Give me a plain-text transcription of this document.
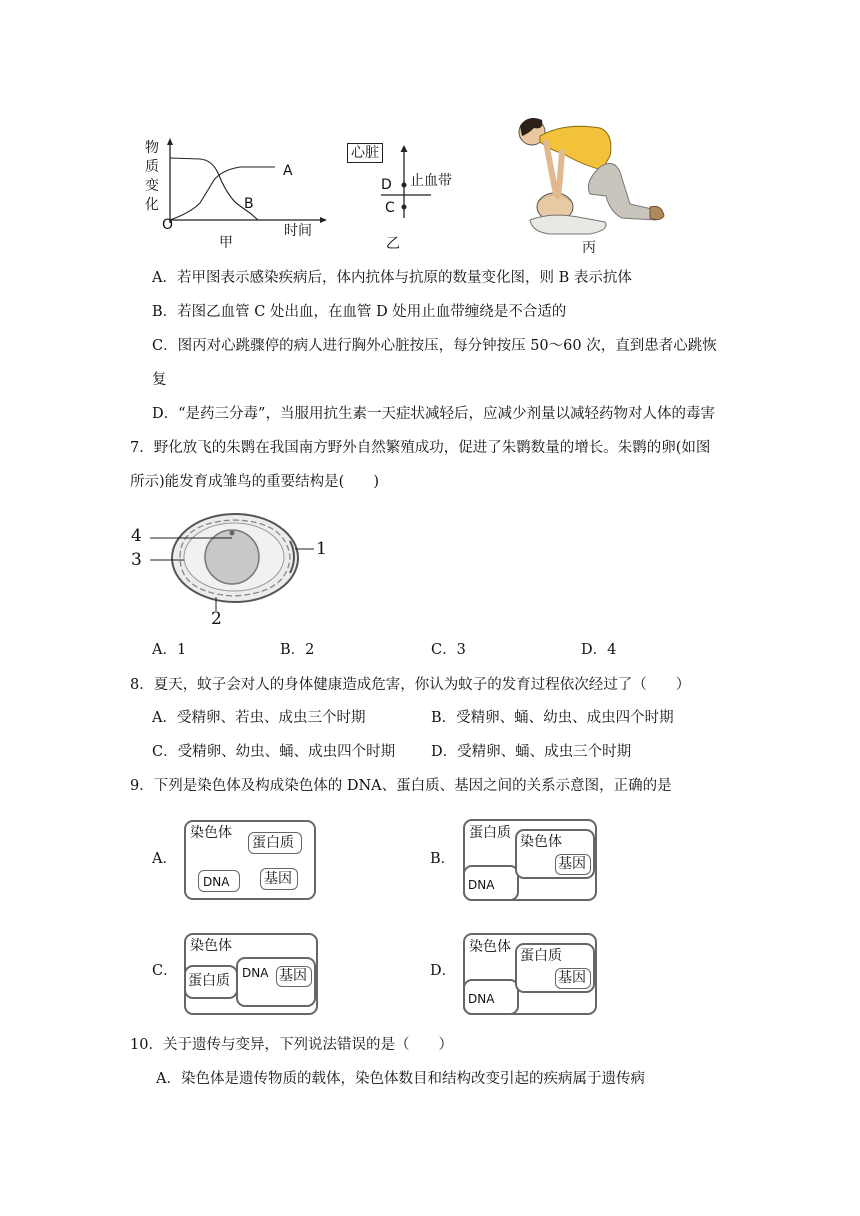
物
质
变
化
O
A
B
时间
甲
心脏
D
C
止血带
乙	丙
A．若甲图表示感染疾病后，体内抗体与抗原的数量变化图，则 B 表示抗体
B．若图乙血管 C 处出血，在血管 D 处用止血带缠绕是不合适的
C．图丙对心跳骤停的病人进行胸外心脏按压，每分钟按压 50～60 次，直到患者心跳恢
复
D．“是药三分毒”，当服用抗生素一天症状减轻后，应减少剂量以减轻药物对人体的毒害
7．野化放飞的朱鹮在我国南方野外自然繁殖成功，促进了朱鹮数量的增长。朱鹮的卵(如图
所示)能发育成雏鸟的重要结构是(　　)
4
3
1
2
A．1	B．2	C．3	D．4
8．夏天，蚊子会对人的身体健康造成危害，你认为蚊子的发育过程依次经过了（　　）
A．受精卵、若虫、成虫三个时期	B．受精卵、蛹、幼虫、成虫四个时期
C．受精卵、幼虫、蛹、成虫四个时期 D．受精卵、蛹、成虫三个时期
9．下列是染色体及构成染色体的 DNA、蛋白质、基因之间的关系示意图，正确的是
A．
染色体
蛋白质
DNA 基因
B．
蛋白质
DNA
染色体
基因
C．
染色体
蛋白质 DNA 基因	D．
染色体
DNA
蛋白质
基因
10．关于遗传与变异，下列说法错误的是（　　）
A．染色体是遗传物质的载体，染色体数目和结构改变引起的疾病属于遗传病
